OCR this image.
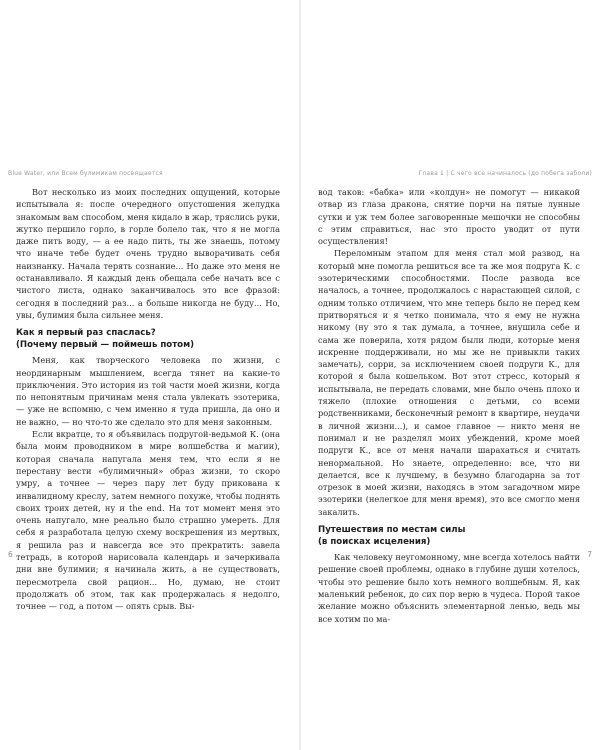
Blue Water, или Всем булимикам посвящается

Вот несколько из моих последних ощущений, которые испытывала я: после очередного опустошения желудка знакомым вам способом, меня кидало в жар, тряслись руки, жутко першило горло, в горле болело так, что я не могла даже пить воду, — а ее надо пить, ты же знаешь, потому что иначе тебе будет очень трудно выворачивать себя наизнанку. Начала терять сознание... Но даже это меня не останавливало. Я каждый день обещала себе начать все с чистого листа, однако заканчивалось это все фразой: сегодня в последний раз... а больше никогда не буду... Но, увы, булимия была сильнее меня.

Как я первый раз спаслась?
(Почему первый — поймешь потом)

Меня, как творческого человека по жизни, с неординарным мышлением, всегда тянет на какие-то приключения. Это история из той части моей жизни, когда по непонятным причинам меня стала увлекать эзотерика, — уже не вспомню, с чем именно я туда пришла, да оно и не важно, — но что-то же сделало это для меня законным.

Если вкратце, то я объявилась подругой-ведьмой К. (она была моим проводником в мире волшебства и магии), которая сначала напугала меня тем, что если я не перестану вести «булимичный» образ жизни, то скоро умру, а точнее — через пару лет буду прикована к инвалидному креслу, затем немного похуже, чтобы поднять своих троих детей, ну и the end. На тот момент меня это очень напугало, мне реально было страшно умереть. Для себя я разработала целую схему воскрешения из мертвых, я решила раз и навсегда все это прекратить: завела тетрадь, в которой нарисовала календарь и зачеркивала дни вне булимии; я начинала жить, а не существовать, пересмотрела свой рацион... Но, думаю, не стоит продолжать об этом, так как продержалась я недолго, точнее — год, а потом — опять срыв. Вы-

6
Глава 1 | С чего все начиналось (до побега заболи)

вод таков: «бабка» или «колдун» не помогут — никакой отвар из глаза дракона, снятие порчи на пятые лунные сутки и уж тем более заговоренные мешочки не способны с этим справиться, нас это просто уводит от пути осуществления!

Переломным этапом для меня стал мой развод, на который мне помогла решиться все та же моя подруга К. с эзотерическими способностями. После развода все началось, а точнее, продолжалось с нарастающей силой, с одним только отличием, что мне теперь было не перед кем притворяться и я четко понимала, что я ему не нужна никому (ну это я так думала, а точнее, внушила себе и сама же поверила, хотя рядом были люди, которые меня искренне поддерживали, но мы же не привыкли таких замечать), сорри, за исключением своей подруги К., для которой я была кошельком. Вот этот стресс, который я испытывала, не передать словами, мне было очень плохо и тяжело (плохие отношения с детьми, со всеми родственниками, бесконечный ремонт в квартире, неудачи в личной жизни...), и самое главное — никто меня не понимал и не разделял моих убеждений, кроме моей подруги К., все от меня начали шарахаться и считать ненормальной. Но знаете, определенно: все, что ни делается, все к лучшему, в безумно благодарна за тот отрезок в моей жизни, находясь в этом загадочном мире эзотерики (нелегкое для меня время), это все смогло меня закалить.

Путешествия по местам силы
(в поисках исцеления)

Как человеку неугомонному, мне всегда хотелось найти решение своей проблемы, однако в глубине души хотелось, чтобы это решение было хоть немного волшебным. Я, как маленький ребенок, до сих пор верю в чудеса. Порой такое желание можно объяснить элементарной ленью, ведь мы все хотим по ма-

7
